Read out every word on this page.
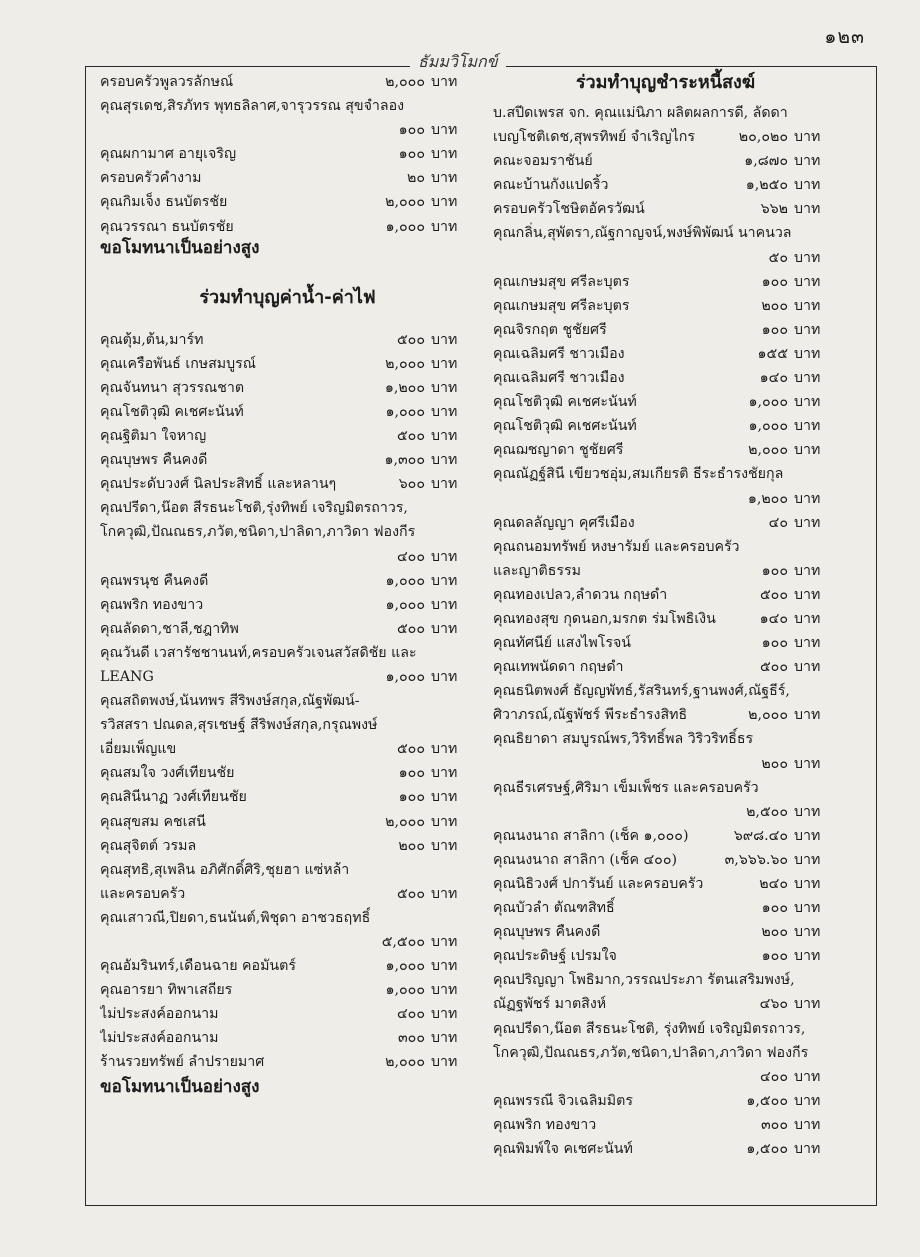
๑๒๓
ธัมมวิโมกข์
ครอบครัวพูลวรลักษณ์	๒,๐๐๐ บาท
คุณสุรเดช,สิรภัทร พุทธลิลาศ,จารุวรรณ สุขจำลอง
๑๐๐ บาท
คุณผกามาศ อายุเจริญ	๑๐๐ บาท
ครอบครัวคำงาม	๒๐ บาท
คุณกิมเจ็ง ธนบัตรชัย	๒,๐๐๐ บาท
คุณวรรณา ธนบัตรชัย	๑,๐๐๐ บาท
ขอโมทนาเป็นอย่างสูง
ร่วมทำบุญค่าน้ำ-ค่าไฟ
คุณตุ้ม,ต้น,มาร์ท	๕๐๐ บาท
คุณเครือพันธ์ เกษสมบูรณ์	๒,๐๐๐ บาท
คุณจันทนา สุวรรณชาต	๑,๒๐๐ บาท
คุณโชติวุฒิ คเชศะนันท์	๑,๐๐๐ บาท
คุณฐิติมา ใจหาญ	๕๐๐ บาท
คุณบุษพร คืนคงดี	๑,๓๐๐ บาท
คุณประดับวงศ์ นิลประสิทธิ์ และหลานๆ	๖๐๐ บาท
คุณปรีดา,น๊อต สีรธนะโชติ,รุ่งทิพย์ เจริญมิตรถาวร,
โกควุฒิ,ปัณณธร,ภวัต,ชนิดา,ปาลิดา,ภาวิดา ฟองกีร
๔๐๐ บาท
คุณพรนุช คืนคงดี	๑,๐๐๐ บาท
คุณพริก ทองขาว	๑,๐๐๐ บาท
คุณลัดดา,ชาลี,ชฎาทิพ	๕๐๐ บาท
คุณวันดี เวสารัชชานนท์,ครอบครัวเจนสวัสดิชัย และ
LEANG	๑,๐๐๐ บาท
คุณสถิตพงษ์,นันทพร สีริพงษ์สกุล,ณัฐพัฒน์-
รวิสสรา ปณดล,สุรเชษฐ์ สีริพงษ์สกุล,กรุณพงษ์
เอี่ยมเพ็ญแข	๕๐๐ บาท
คุณสมใจ วงศ์เทียนชัย	๑๐๐ บาท
คุณสินีนาฏ วงศ์เทียนชัย	๑๐๐ บาท
คุณสุขสม คชเสนี	๒,๐๐๐ บาท
คุณสุจิตต์ วรมล	๒๐๐ บาท
คุณสุทธิ,สุเพลิน อภิศักดิ์ศิริ,ชุยฮา แซ่หล้า
และครอบครัว	๕๐๐ บาท
คุณเสาวณี,ปิยดา,ธนนันต์,พิชุดา อาชวธฤทธิ์
๕,๕๐๐ บาท
คุณอัมรินทร์,เดือนฉาย คอมันตร์	๑,๐๐๐ บาท
คุณอารยา ทิพาเสถียร	๑,๐๐๐ บาท
ไม่ประสงค์ออกนาม	๔๐๐ บาท
ไม่ประสงค์ออกนาม	๓๐๐ บาท
ร้านรวยทรัพย์ ลำปรายมาศ	๒,๐๐๐ บาท
ขอโมทนาเป็นอย่างสูง
ร่วมทำบุญชำระหนี้สงฆ์
บ.สปีดเพรส จก. คุณแม่นิภา ผลิตผลการดี, ลัดดา
เบญโชติเดช,สุพรทิพย์ จำเริญไกร	๒๐,๐๒๐ บาท
คณะจอมราชันย์	๑,๘๗๐ บาท
คณะบ้านกังแปดริ้ว	๑,๒๕๐ บาท
ครอบครัวโชษิตอัครวัฒน์	๖๖๒ บาท
คุณกลิ่น,สุพัตรา,ณัฐกาญจน์,พงษ์พิพัฒน์ นาคนวล
๕๐ บาท
คุณเกษมสุข ศรีละบุตร	๑๐๐ บาท
คุณเกษมสุข ศรีละบุตร	๒๐๐ บาท
คุณจิรกฤต ชูชัยศรี	๑๐๐ บาท
คุณเฉลิมศรี ชาวเมือง	๑๕๕ บาท
คุณเฉลิมศรี ชาวเมือง	๑๔๐ บาท
คุณโชติวุฒิ คเชศะนันท์	๑,๐๐๐ บาท
คุณโชติวุฒิ คเชศะนันท์	๑,๐๐๐ บาท
คุณฌชญาดา ชูชัยศรี	๒,๐๐๐ บาท
คุณณัฏฐ์สินี เขียวชอุ่ม,สมเกียรติ ธีระธำรงชัยกุล
๑,๒๐๐ บาท
คุณดลลัญญา คุศรีเมือง	๔๐ บาท
คุณถนอมทรัพย์ หงษารัมย์ และครอบครัว
และญาติธรรม	๑๐๐ บาท
คุณทองเปลว,ลำดวน กฤษดำ	๕๐๐ บาท
คุณทองสุข กุดนอก,มรกต ร่มโพธิเงิน	๑๔๐ บาท
คุณทัศนีย์ แสงไพโรจน์	๑๐๐ บาท
คุณเทพนัดดา กฤษดำ	๕๐๐ บาท
คุณธนิตพงศ์ ธัญญพัทธ์,รัสรินทร์,ฐานพงศ์,ณัฐธีร์,
ศิวาภรณ์,ณัฐพัชร์ พีระธำรงสิทธิ	๒,๐๐๐ บาท
คุณธิยาดา สมบูรณ์พร,วิริทธิ์พล วิริวริทธิ์ธร
๒๐๐ บาท
คุณธีรเศรษฐ์,ศิริมา เข็มเพ็ชร และครอบครัว
๒,๕๐๐ บาท
คุณนงนาถ สาลิกา (เช็ค ๑,๐๐๐)	๖๙๘.๔๐ บาท
คุณนงนาถ สาลิกา (เช็ค ๔๐๐)	๓,๖๖๖.๖๐ บาท
คุณนิธิวงศ์ ปการันย์ และครอบครัว	๒๔๐ บาท
คุณบัวลำ ตัณฑสิทธิ์	๑๐๐ บาท
คุณบุษพร คืนคงดี	๒๐๐ บาท
คุณประดิษฐ์ เปรมใจ	๑๐๐ บาท
คุณปริญญา โพธิมาก,วรรณประภา รัตนเสริมพงษ์,
ณัฏฐพัชร์ มาตสิงห์	๔๖๐ บาท
คุณปรีดา,น๊อต สีรธนะโชติ, รุ่งทิพย์ เจริญมิตรถาวร,
โกควุฒิ,ปัณณธร,ภวัต,ชนิดา,ปาลิดา,ภาวิดา ฟองกีร
๔๐๐ บาท
คุณพรรณี จิวเฉลิมมิตร	๑,๕๐๐ บาท
คุณพริก ทองขาว	๓๐๐ บาท
คุณพิมพ์ใจ คเชศะนันท์	๑,๕๐๐ บาท
